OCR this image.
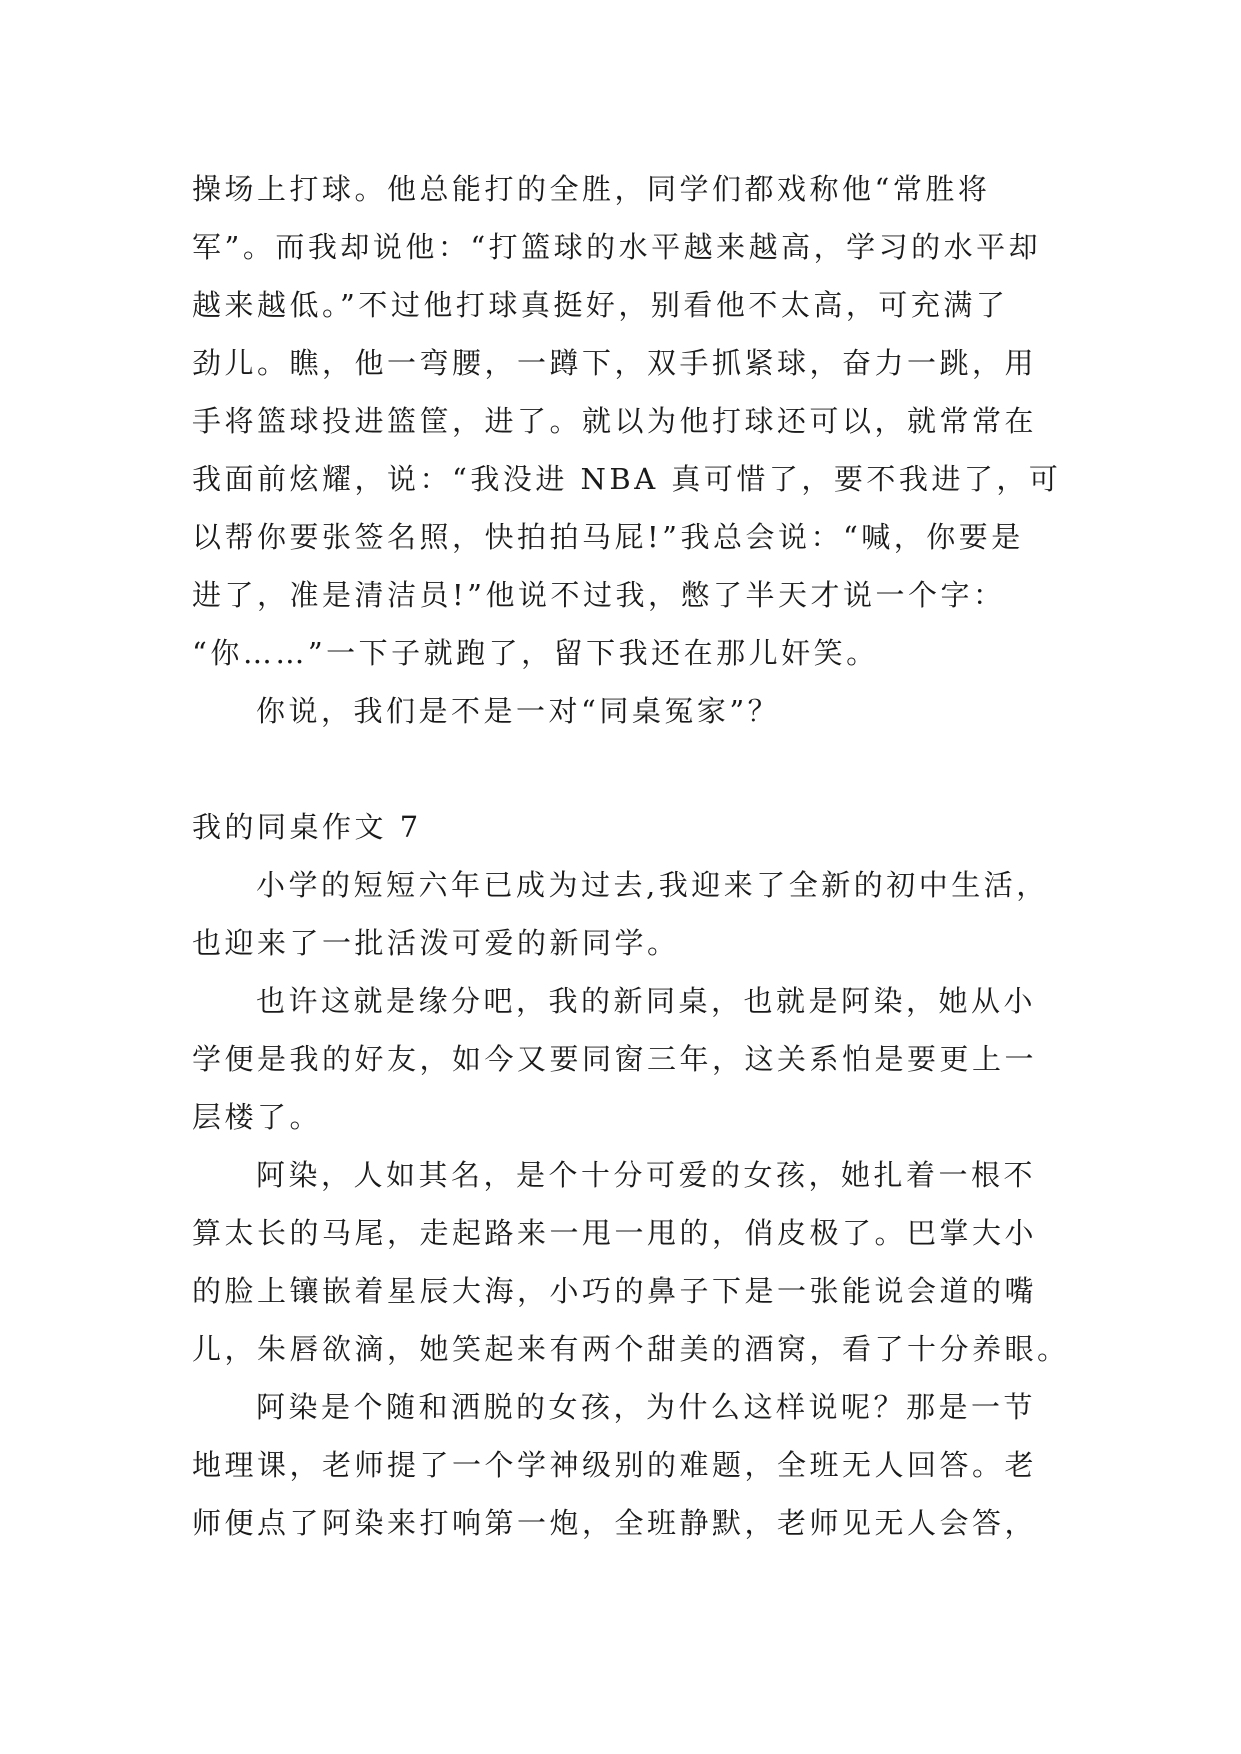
操场上打球。他总能打的全胜，同学们都戏称他“常胜将
军”。而我却说他：“打篮球的水平越来越高，学习的水平却
越来越低。”不过他打球真挺好，别看他不太高，可充满了
劲儿。瞧，他一弯腰，一蹲下，双手抓紧球，奋力一跳，用
手将篮球投进篮筐，进了。就以为他打球还可以，就常常在
我面前炫耀，说：“我没进 NBA 真可惜了，要不我进了，可
以帮你要张签名照，快拍拍马屁!”我总会说：“喊，你要是
进了，准是清洁员!”他说不过我，憋了半天才说一个字：
“你……”一下子就跑了，留下我还在那儿奸笑。
你说，我们是不是一对“同桌冤家”？
我的同桌作文 7
小学的短短六年已成为过去,我迎来了全新的初中生活，
也迎来了一批活泼可爱的新同学。
也许这就是缘分吧，我的新同桌，也就是阿染，她从小
学便是我的好友，如今又要同窗三年，这关系怕是要更上一
层楼了。
阿染，人如其名，是个十分可爱的女孩，她扎着一根不
算太长的马尾，走起路来一甩一甩的，俏皮极了。巴掌大小
的脸上镶嵌着星辰大海，小巧的鼻子下是一张能说会道的嘴
儿，朱唇欲滴，她笑起来有两个甜美的酒窝，看了十分养眼。
阿染是个随和洒脱的女孩，为什么这样说呢？那是一节
地理课，老师提了一个学神级别的难题，全班无人回答。老
师便点了阿染来打响第一炮，全班静默，老师见无人会答，
